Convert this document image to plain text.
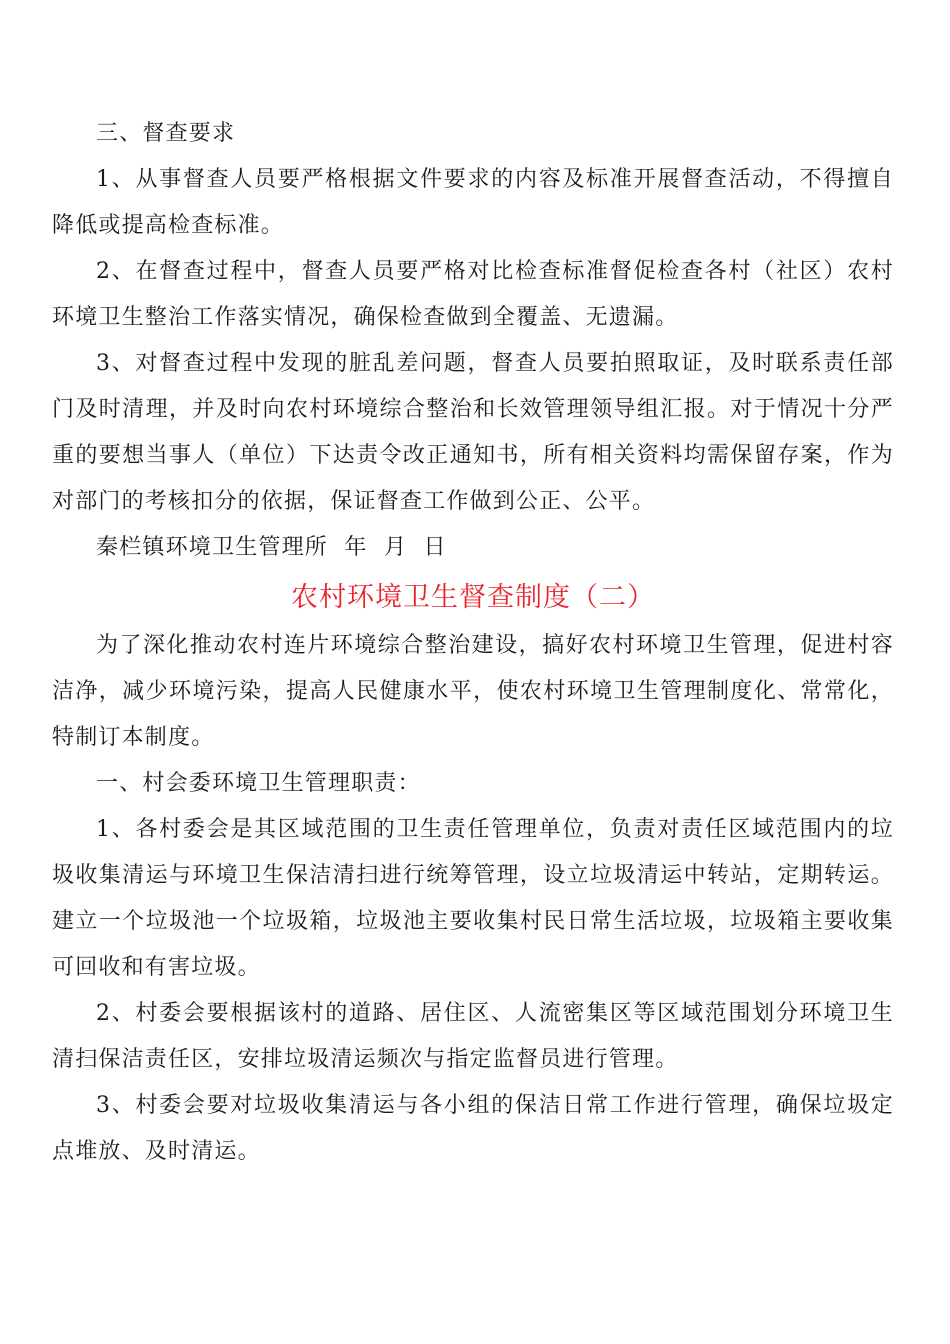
三、督查要求

1、从事督查人员要严格根据文件要求的内容及标准开展督查活动，不得擅自降低或提高检查标准。

2、在督查过程中，督查人员要严格对比检查标准督促检查各村（社区）农村环境卫生整治工作落实情况，确保检查做到全覆盖、无遗漏。

3、对督查过程中发现的脏乱差问题，督查人员要拍照取证，及时联系责任部门及时清理，并及时向农村环境综合整治和长效管理领导组汇报。对于情况十分严重的要想当事人（单位）下达责令改正通知书，所有相关资料均需保留存案，作为对部门的考核扣分的依据，保证督查工作做到公正、公平。

秦栏镇环境卫生管理所  年  月  日

农村环境卫生督查制度（二）

为了深化推动农村连片环境综合整治建设，搞好农村环境卫生管理，促进村容洁净，减少环境污染，提高人民健康水平，使农村环境卫生管理制度化、常常化，特制订本制度。

一、村会委环境卫生管理职责：

1、各村委会是其区域范围的卫生责任管理单位，负责对责任区域范围内的垃圾收集清运与环境卫生保洁清扫进行统筹管理，设立垃圾清运中转站，定期转运。建立一个垃圾池一个垃圾箱，垃圾池主要收集村民日常生活垃圾，垃圾箱主要收集可回收和有害垃圾。

2、村委会要根据该村的道路、居住区、人流密集区等区域范围划分环境卫生清扫保洁责任区，安排垃圾清运频次与指定监督员进行管理。

3、村委会要对垃圾收集清运与各小组的保洁日常工作进行管理，确保垃圾定点堆放、及时清运。
